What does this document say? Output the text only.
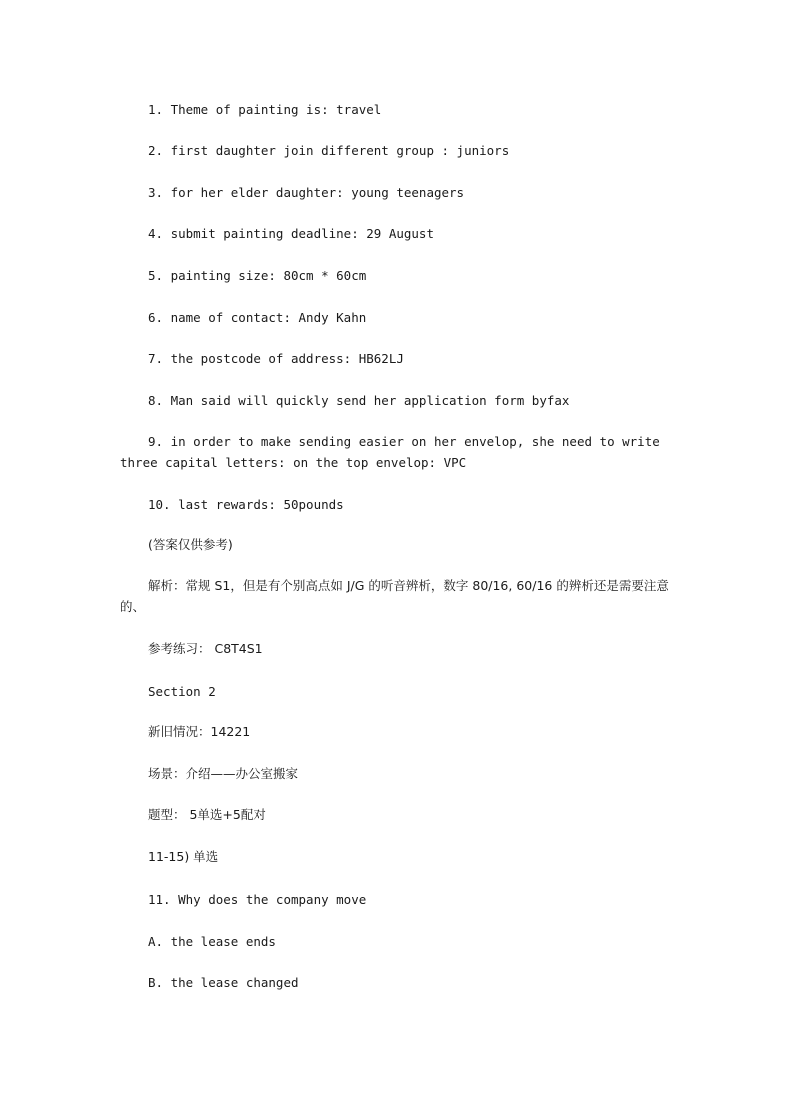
1. Theme of painting is: travel
2. first daughter join different group : juniors
3. for her elder daughter: young teenagers
4. submit painting deadline: 29 August
5. painting size: 80cm * 60cm
6. name of contact: Andy Kahn
7. the postcode of address: HB62LJ
8. Man said will quickly send her application form byfax
9. in order to make sending easier on her envelop, she need to write three capital letters: on the top envelop: VPC
10. last rewards: 50pounds
(答案仅供参考)
解析：常规 S1，但是有个别高点如 J/G 的听音辨析，数字 80/16, 60/16 的辨析还是需要注意的、
参考练习： C8T4S1
Section 2
新旧情况：14221
场景：介绍——办公室搬家
题型： 5单选+5配对
11-15) 单选
11. Why does the company move
A. the lease ends
B. the lease changed
